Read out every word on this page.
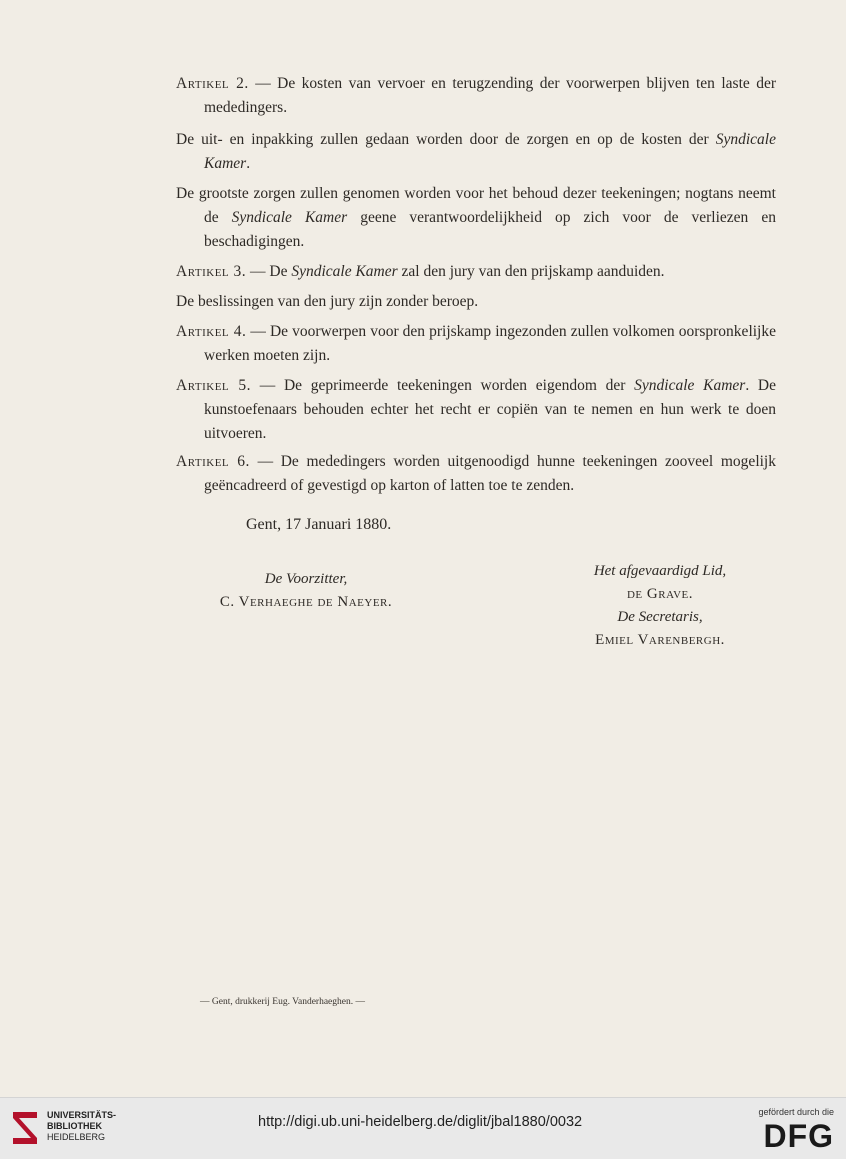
Artikel 2. — De kosten van vervoer en terugzending der voorwerpen blijven ten laste der mededingers.
De uit- en inpakking zullen gedaan worden door de zorgen en op de kosten der Syndicale Kamer.
De grootste zorgen zullen genomen worden voor het behoud dezer teekeningen; nogtans neemt de Syndicale Kamer geene verantwoordelijkheid op zich voor de verliezen en beschadigingen.
Artikel 3. — De Syndicale Kamer zal den jury van den prijskamp aanduiden.
De beslissingen van den jury zijn zonder beroep.
Artikel 4. — De voorwerpen voor den prijskamp ingezonden zullen volkomen oorspronkelijke werken moeten zijn.
Artikel 5. — De geprimeerde teekeningen worden eigendom der Syndicale Kamer. De kunstoefenaars behouden echter het recht er copiën van te nemen en hun werk te doen uitvoeren.
Artikel 6. — De mededingers worden uitgenoodigd hunne teekeningen zooveel mogelijk geëncadreerd of gevestigd op karton of latten toe te zenden.
Gent, 17 Januari 1880.
De Voorzitter,
C. Verhaeghe de Naeyer.
Het afgevaardigd Lid,
de Grave.
De Secretaris,
Emiel Varenbergh.
— Gent, drukkerij Eug. Vanderhaeghen. —
UNIVERSITÄTS-
BIBLIOTHEK
HEIDELBERG
http://digi.ub.uni-heidelberg.de/diglit/jbal1880/0032
gefördert durch die
DFG
